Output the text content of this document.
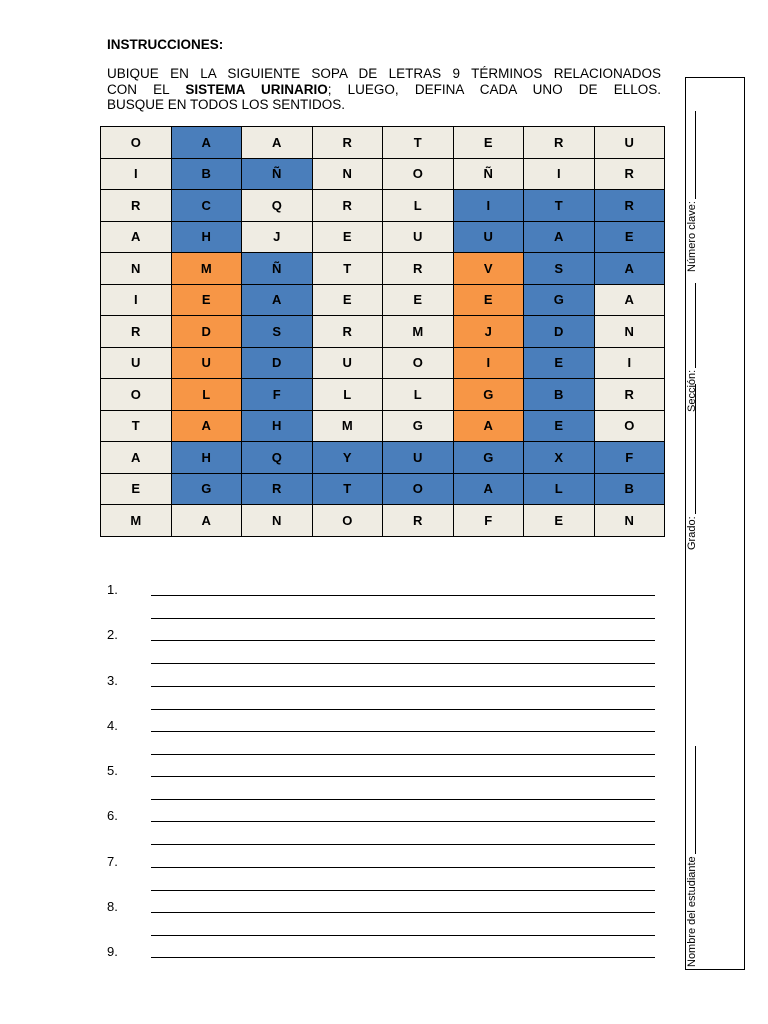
INSTRUCCIONES:
UBIQUE EN LA SIGUIENTE SOPA DE LETRAS 9 TÉRMINOS RELACIONADOS
CON EL SISTEMA URINARIO; LUEGO, DEFINA CADA UNO DE ELLOS.
BUSQUE EN TODOS LOS SENTIDOS.
O	A	A	R	T	E	R	U
I	B	Ñ	N	O	Ñ	I	R
R	C	Q	R	L	I	T	R
A	H	J	E	U	U	A	E
N	M	Ñ	T	R	V	S	A
I	E	A	E	E	E	G	A
R	D	S	R	M	J	D	N
U	U	D	U	O	I	E	I
O	L	F	L	L	G	B	R
T	A	H	M	G	A	E	O
A	H	Q	Y	U	G	X	F
E	G	R	T	O	A	L	B
M	A	N	O	R	F	E	N
1.
2.
3.
4.
5.
6.
7.
8.
9.	Nombre del estudiante
Grado:
Sección:
Número clave:
